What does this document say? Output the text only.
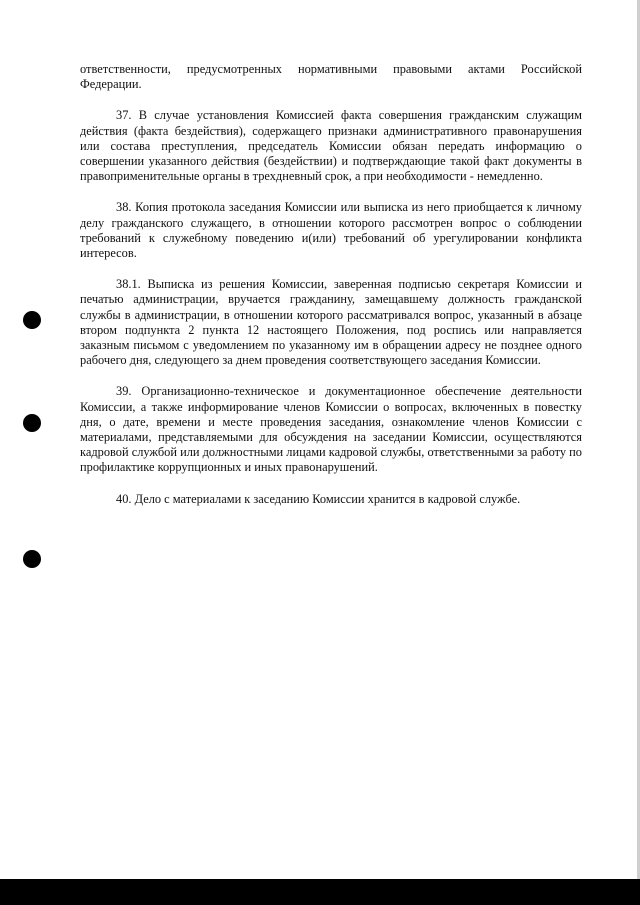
ответственности, предусмотренных нормативными правовыми актами Российской Федерации.

37. В случае установления Комиссией факта совершения гражданским служащим действия (факта бездействия), содержащего признаки административного правонарушения или состава преступления, председатель Комиссии обязан передать информацию о совершении указанного действия (бездействии) и подтверждающие такой факт документы в правоприменительные органы в трехдневный срок, а при необходимости - немедленно.

38. Копия протокола заседания Комиссии или выписка из него приобщается к личному делу гражданского служащего, в отношении которого рассмотрен вопрос о соблюдении требований к служебному поведению и(или) требований об урегулировании конфликта интересов.

38.1. Выписка из решения Комиссии, заверенная подписью секретаря Комиссии и печатью администрации, вручается гражданину, замещавшему должность гражданской службы в администрации, в отношении которого рассматривался вопрос, указанный в абзаце втором подпункта 2 пункта 12 настоящего Положения, под роспись или направляется заказным письмом с уведомлением по указанному им в обращении адресу не позднее одного рабочего дня, следующего за днем проведения соответствующего заседания Комиссии.

39. Организационно-техническое и документационное обеспечение деятельности Комиссии, а также информирование членов Комиссии о вопросах, включенных в повестку дня, о дате, времени и месте проведения заседания, ознакомление членов Комиссии с материалами, представляемыми для обсуждения на заседании Комиссии, осуществляются кадровой службой или должностными лицами кадровой службы, ответственными за работу по профилактике коррупционных и иных правонарушений.

40. Дело с материалами к заседанию Комиссии хранится в кадровой службе.
